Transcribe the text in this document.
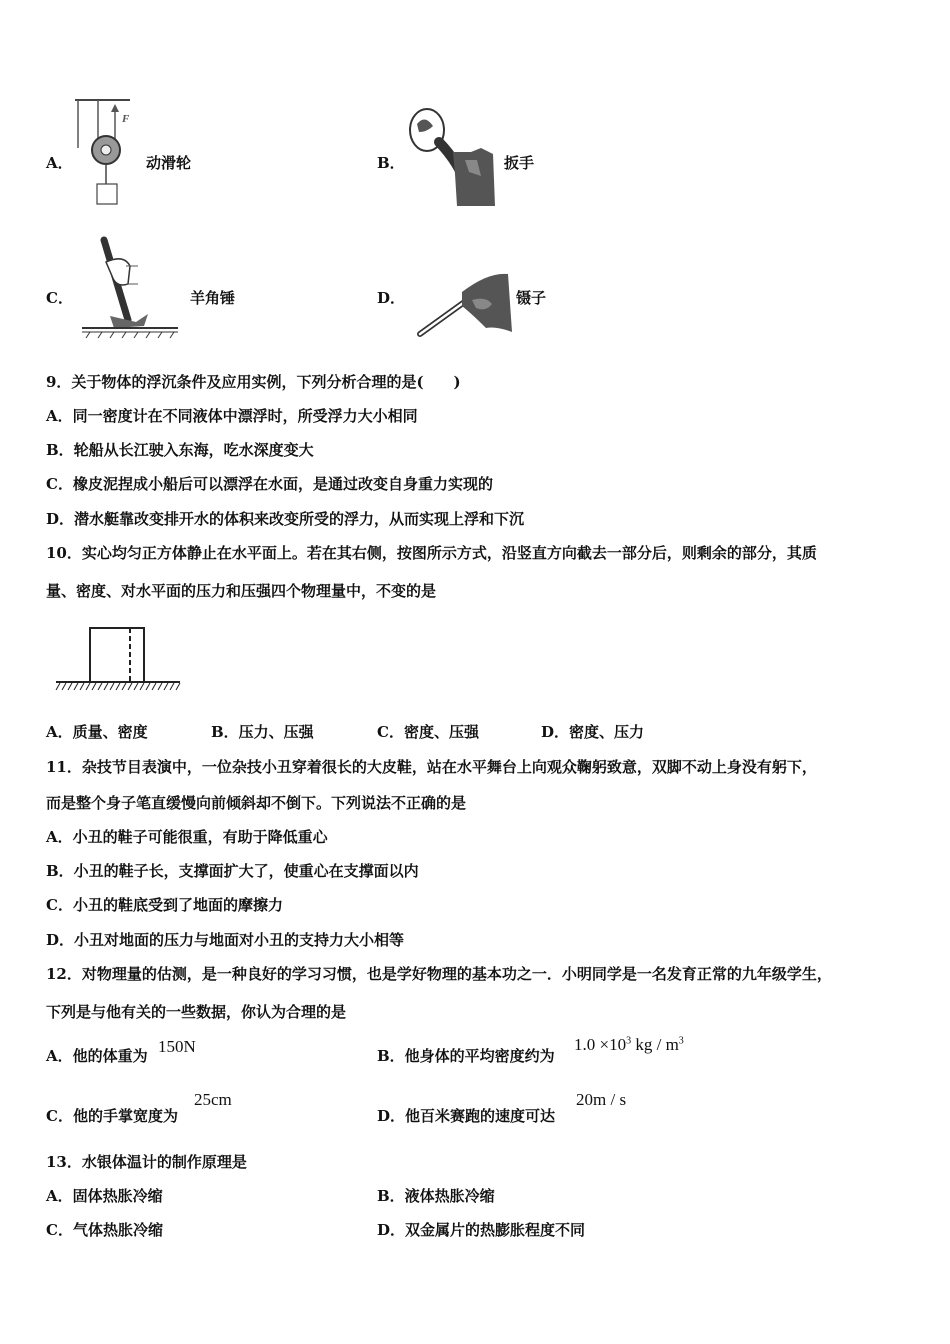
A．
F
动滑轮	B．	扳手
C．	羊角锤	D．	镊子
9．关于物体的浮沉条件及应用实例，下列分析合理的是(　　)
A．同一密度计在不同液体中漂浮时，所受浮力大小相同
B．轮船从长江驶入东海，吃水深度变大
C．橡皮泥捏成小船后可以漂浮在水面，是通过改变自身重力实现的
D．潜水艇靠改变排开水的体积来改变所受的浮力，从而实现上浮和下沉
10．实心均匀正方体静止在水平面上。若在其右侧，按图所示方式，沿竖直方向截去一部分后，则剩余的部分，其质
量、密度、对水平面的压力和压强四个物理量中，不变的是
A．质量、密度	B．压力、压强	C．密度、压强	D．密度、压力
11．杂技节目表演中，一位杂技小丑穿着很长的大皮鞋，站在水平舞台上向观众鞠躬致意，双脚不动上身没有躬下，
而是整个身子笔直缓慢向前倾斜却不倒下。下列说法不正确的是
A．小丑的鞋子可能很重，有助于降低重心
B．小丑的鞋子长，支撑面扩大了，使重心在支撑面以内
C．小丑的鞋底受到了地面的摩擦力
D．小丑对地面的压力与地面对小丑的支持力大小相等
12．对物理量的估测，是一种良好的学习习惯，也是学好物理的基本功之一．小明同学是一名发育正常的九年级学生，
下列是与他有关的一些数据，你认为合理的是
A．他的体重为 150N	B．他身体的平均密度约为
$1.0 \times 10^3$ kg / $m^3$
C．他的手掌宽度为
25cm
D．他百米赛跑的速度可达
20m / s
13．水银体温计的制作原理是
A．固体热胀冷缩	B．液体热胀冷缩
C．气体热胀冷缩	D．双金属片的热膨胀程度不同
